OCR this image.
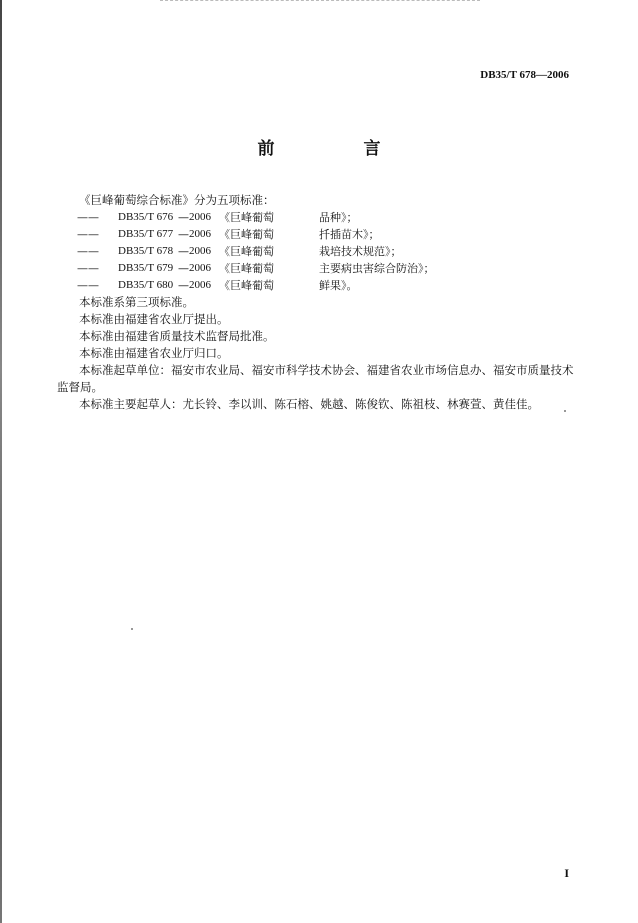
DB35/T 678—2006
前　言
《巨峰葡萄综合标准》分为五项标准：
——	DB35/T 676 — 2006 《巨峰葡萄	品种》；
——	DB35/T 677 — 2006 《巨峰葡萄	扦插苗木》；
——	DB35/T 678 — 2006 《巨峰葡萄	栽培技术规范》；
——	DB35/T 679 — 2006 《巨峰葡萄	主要病虫害综合防治》；
——	DB35/T 680 — 2006 《巨峰葡萄	鲜果》。
本标准系第三项标准。
本标准由福建省农业厅提出。
本标准由福建省质量技术监督局批准。
本标准由福建省农业厅归口。
本标准起草单位：福安市农业局、福安市科学技术协会、福建省农业市场信息办、福安市质量技术
监督局。
本标准主要起草人：尤长铃、李以训、陈石榕、姚越、陈俊钦、陈祖枝、林赛萱、黄佳佳。
I
